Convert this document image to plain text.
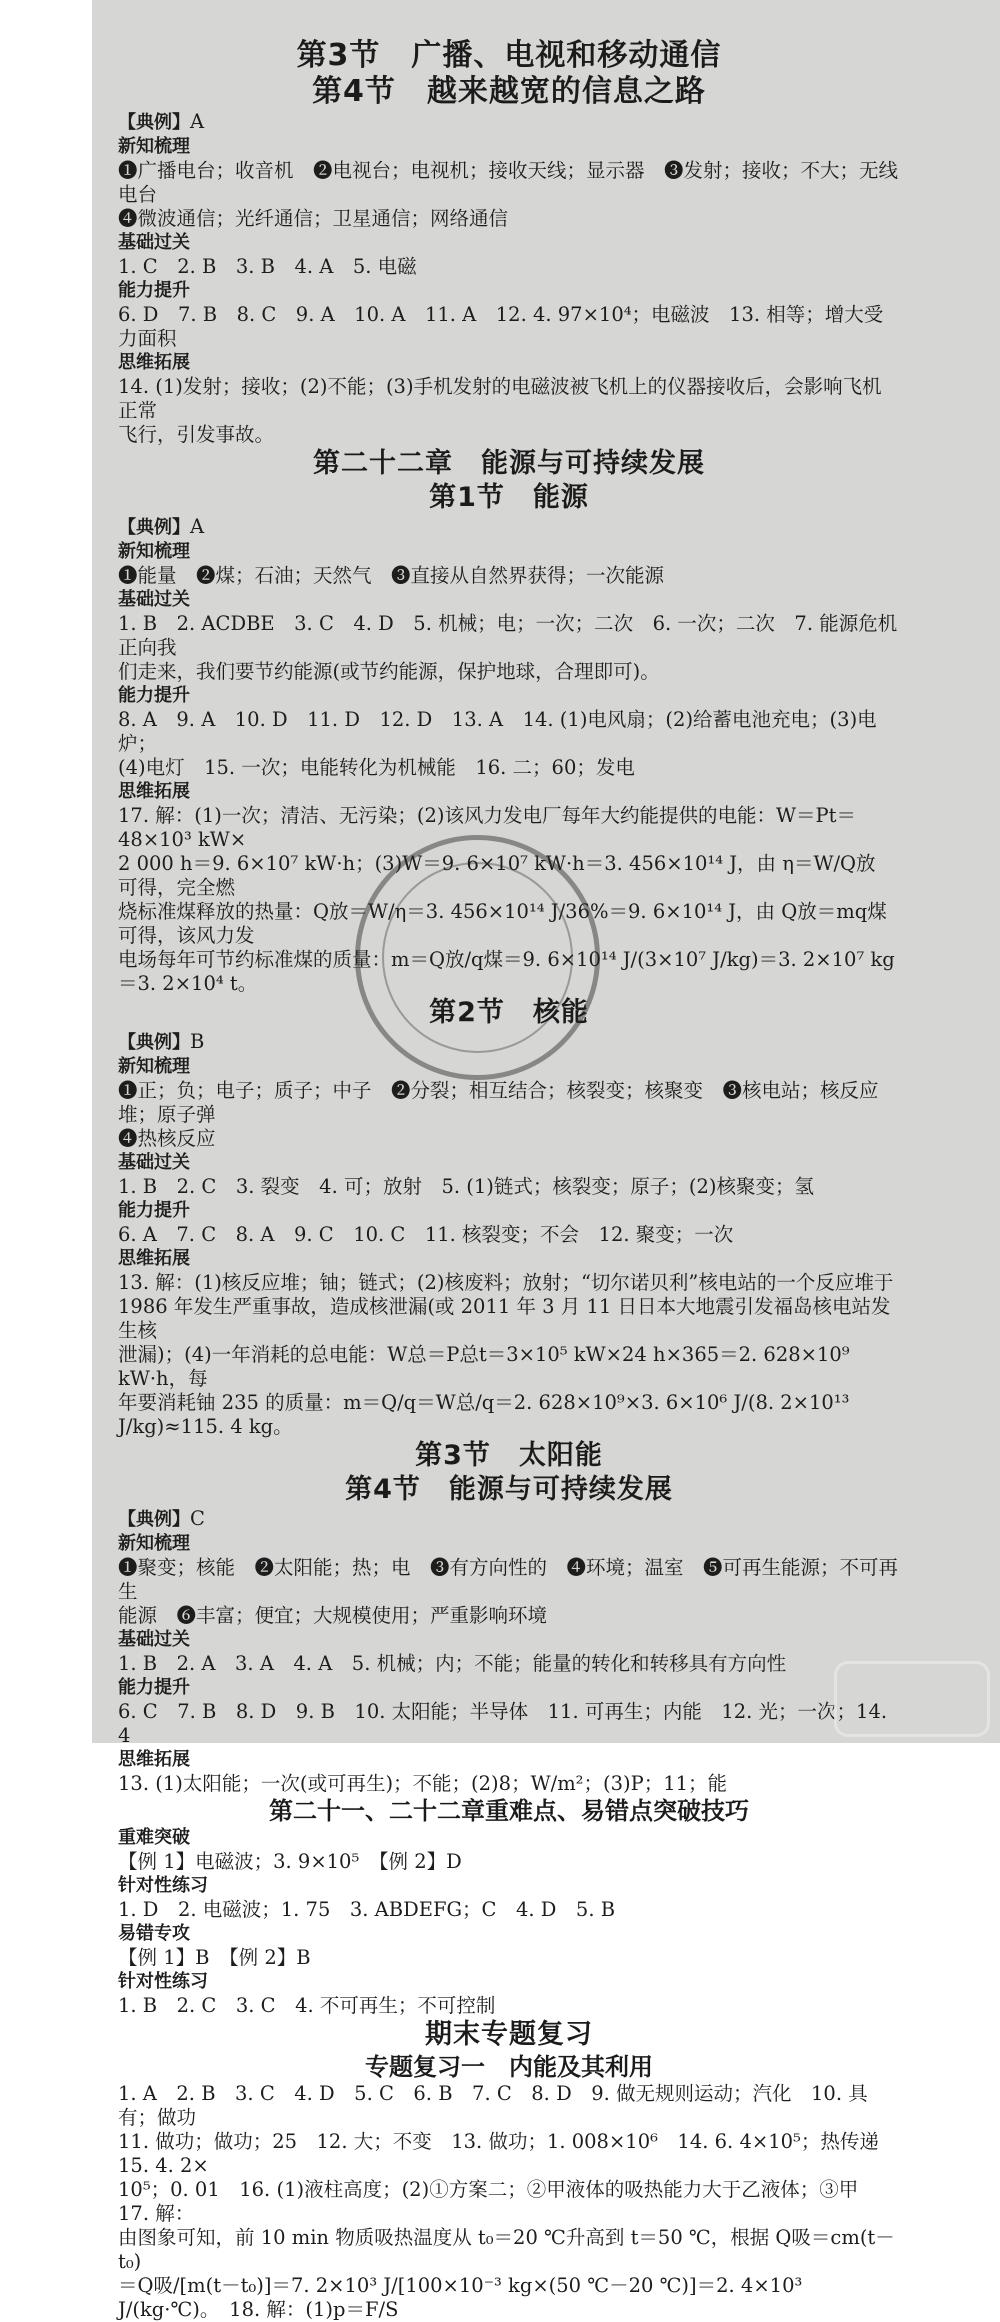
第3节　广播、电视和移动通信
第4节　越来越宽的信息之路
【典例】A
新知梳理
❶广播电台；收音机　❷电视台；电视机；接收天线；显示器　❸发射；接收；不大；无线电台
❹微波通信；光纤通信；卫星通信；网络通信
基础过关
1. C　2. B　3. B　4. A　5. 电磁
能力提升
6. D　7. B　8. C　9. A　10. A　11. A　12. 4. 97×10⁴；电磁波　13. 相等；增大受力面积
思维拓展
14. (1)发射；接收；(2)不能；(3)手机发射的电磁波被飞机上的仪器接收后，会影响飞机正常
飞行，引发事故。
第二十二章　能源与可持续发展
第1节　能源
【典例】A
新知梳理
❶能量　❷煤；石油；天然气　❸直接从自然界获得；一次能源
基础过关
1. B　2. ACDBE　3. C　4. D　5. 机械；电；一次；二次　6. 一次；二次　7. 能源危机正向我
们走来，我们要节约能源(或节约能源，保护地球，合理即可)。
能力提升
8. A　9. A　10. D　11. D　12. D　13. A　14. (1)电风扇；(2)给蓄电池充电；(3)电炉；
(4)电灯　15. 一次；电能转化为机械能　16. 二；60；发电
思维拓展
17. 解：(1)一次；清洁、无污染；(2)该风力发电厂每年大约能提供的电能：W＝Pt＝48×10³ kW×
2 000 h＝9. 6×10⁷ kW·h；(3)W＝9. 6×10⁷ kW·h＝3. 456×10¹⁴ J，由 η＝W/Q放 可得，完全燃
烧标准煤释放的热量：Q放＝W/η＝3. 456×10¹⁴ J/36%＝9. 6×10¹⁴ J，由 Q放＝mq煤 可得，该风力发
电场每年可节约标准煤的质量：m＝Q放/q煤＝9. 6×10¹⁴ J/(3×10⁷ J/kg)＝3. 2×10⁷ kg＝3. 2×10⁴ t。
第2节　核能
【典例】B
新知梳理
❶正；负；电子；质子；中子　❷分裂；相互结合；核裂变；核聚变　❸核电站；核反应堆；原子弹
❹热核反应
基础过关
1. B　2. C　3. 裂变　4. 可；放射　5. (1)链式；核裂变；原子；(2)核聚变；氢
能力提升
6. A　7. C　8. A　9. C　10. C　11. 核裂变；不会　12. 聚变；一次
思维拓展
13. 解：(1)核反应堆；铀；链式；(2)核废料；放射；“切尔诺贝利”核电站的一个反应堆于
1986 年发生严重事故，造成核泄漏(或 2011 年 3 月 11 日日本大地震引发福岛核电站发生核
泄漏)；(4)一年消耗的总电能：W总＝P总t＝3×10⁵ kW×24 h×365＝2. 628×10⁹ kW·h，每
年要消耗铀 235 的质量：m＝Q/q＝W总/q＝2. 628×10⁹×3. 6×10⁶ J/(8. 2×10¹³ J/kg)≈115. 4 kg。
第3节　太阳能
第4节　能源与可持续发展
【典例】C
新知梳理
❶聚变；核能　❷太阳能；热；电　❸有方向性的　❹环境；温室　❺可再生能源；不可再生
能源　❻丰富；便宜；大规模使用；严重影响环境
基础过关
1. B　2. A　3. A　4. A　5. 机械；内；不能；能量的转化和转移具有方向性
能力提升
6. C　7. B　8. D　9. B　10. 太阳能；半导体　11. 可再生；内能　12. 光；一次；14. 4
思维拓展
13. (1)太阳能；一次(或可再生)；不能；(2)8；W/m²；(3)P；11；能
第二十一、二十二章重难点、易错点突破技巧
重难突破
【例 1】电磁波；3. 9×10⁵　【例 2】D
针对性练习
1. D　2. 电磁波；1. 75　3. ABDEFG；C　4. D　5. B
易错专攻
【例 1】B　【例 2】B
针对性练习
1. B　2. C　3. C　4. 不可再生；不可控制
期末专题复习
专题复习一　内能及其利用
1. A　2. B　3. C　4. D　5. C　6. B　7. C　8. D　9. 做无规则运动；汽化　10. 具有；做功
11. 做功；做功；25　12. 大；不变　13. 做功；1. 008×10⁶　14. 6. 4×10⁵；热传递　15. 4. 2×
10⁵；0. 01　16. (1)液柱高度；(2)①方案二；②甲液体的吸热能力大于乙液体；③甲　17. 解：
由图象可知，前 10 min 物质吸热温度从 t₀＝20 ℃升高到 t＝50 ℃，根据 Q吸＝cm(t－t₀)
＝Q吸/[m(t－t₀)]＝7. 2×10³ J/[100×10⁻³ kg×(50 ℃－20 ℃)]＝2. 4×10³ J/(kg·℃)。　18. 解：(1)p＝F/S
